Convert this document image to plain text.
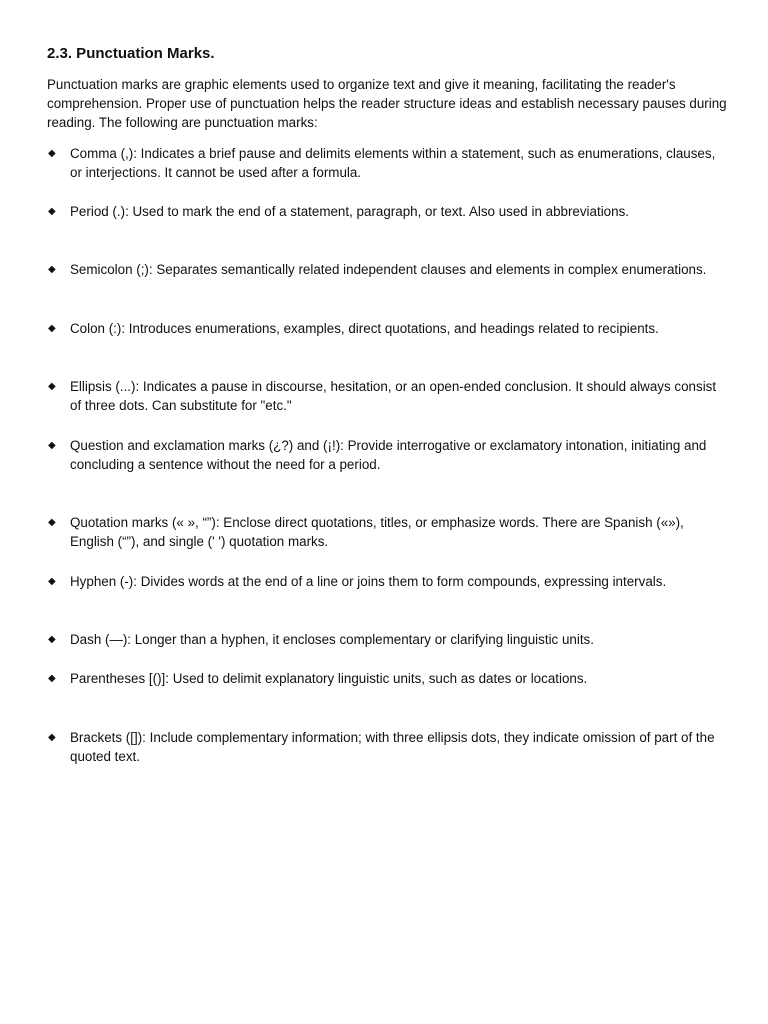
2.3. Punctuation Marks.

Punctuation marks are graphic elements used to organize text and give it meaning, facilitating the reader's comprehension. Proper use of punctuation helps the reader structure ideas and establish necessary pauses during reading. The following are punctuation marks:

◆	Comma (,): Indicates a brief pause and delimits elements within a statement, such as enumerations, clauses, or interjections. It cannot be used after a formula.
◆	Period (.): Used to mark the end of a statement, paragraph, or text. Also used in abbreviations.
◆	Semicolon (;): Separates semantically related independent clauses and elements in complex enumerations.
◆	Colon (:): Introduces enumerations, examples, direct quotations, and headings related to recipients.
◆	Ellipsis (...): Indicates a pause in discourse, hesitation, or an open-ended conclusion. It should always consist of three dots. Can substitute for "etc."
◆	Question and exclamation marks (¿?) and (¡!): Provide interrogative or exclamatory intonation, initiating and concluding a sentence without the need for a period.
◆	Quotation marks (« », “”): Enclose direct quotations, titles, or emphasize words. There are Spanish («»), English (“”), and single (' ') quotation marks.
◆	Hyphen (-): Divides words at the end of a line or joins them to form compounds, expressing intervals.
◆	Dash (—): Longer than a hyphen, it encloses complementary or clarifying linguistic units.
◆	Parentheses [()]: Used to delimit explanatory linguistic units, such as dates or locations.
◆	Brackets ([]): Include complementary information; with three ellipsis dots, they indicate omission of part of the quoted text.
